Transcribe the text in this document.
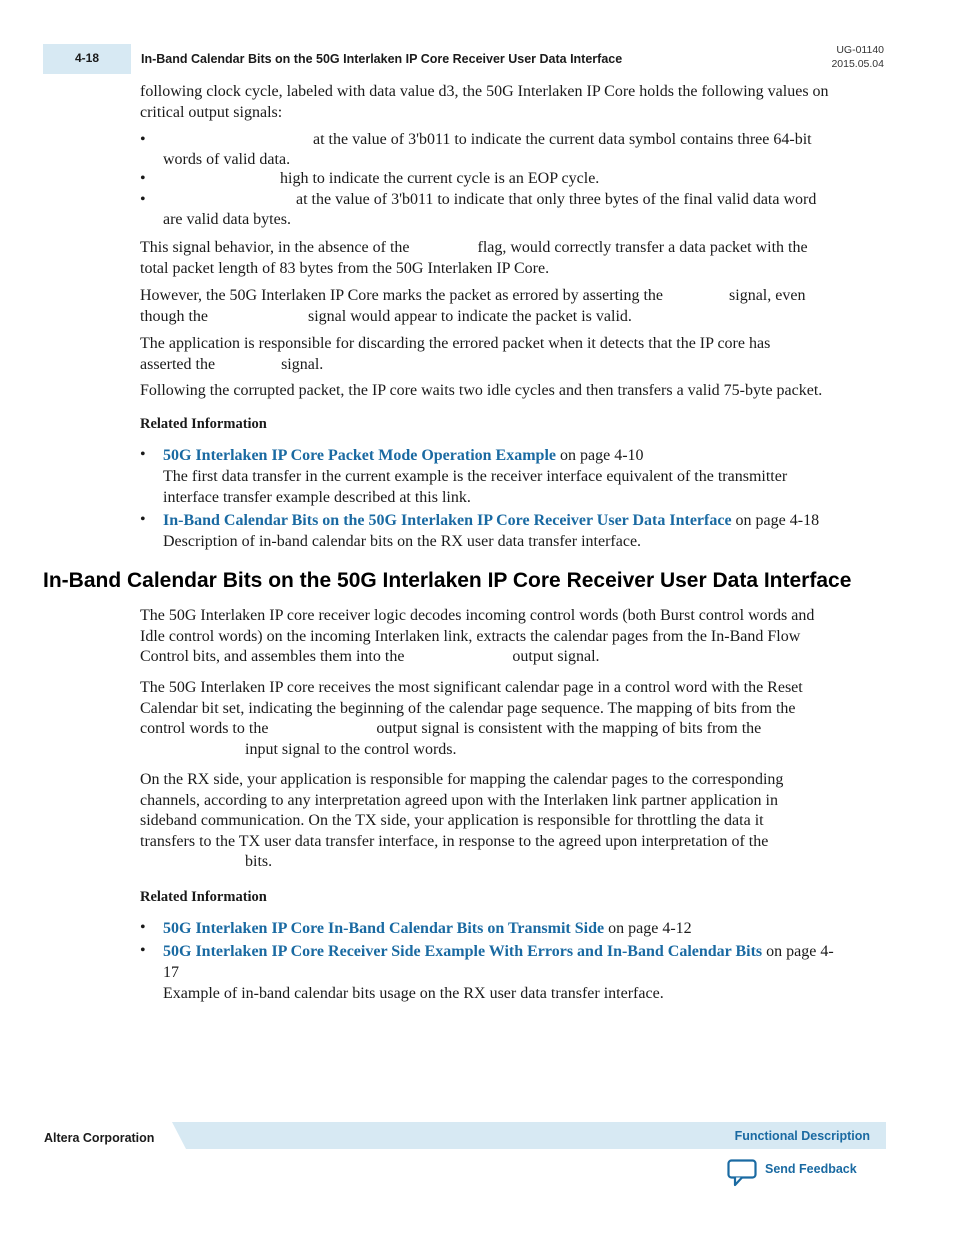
4-18	In-Band Calendar Bits on the 50G Interlaken IP Core Receiver User Data Interface
UG-01140
2015.05.04
following clock cycle, labeled with data value d3, the 50G Interlaken IP Core holds the following values on critical output signals:
•	at the value of 3'b011 to indicate the current data symbol contains three 64-bit
words of valid data.
•	high to indicate the current cycle is an EOP cycle.
•	at the value of 3'b011 to indicate that only three bytes of the final valid data word
are valid data bytes.
This signal behavior, in the absence of the	flag, would correctly transfer a data packet with the
total packet length of 83 bytes from the 50G Interlaken IP Core.
However, the 50G Interlaken IP Core marks the packet as errored by asserting the	signal, even
though the	signal would appear to indicate the packet is valid.
The application is responsible for discarding the errored packet when it detects that the IP core has
asserted the	signal.
Following the corrupted packet, the IP core waits two idle cycles and then transfers a valid 75-byte packet.
Related Information
• 50G Interlaken IP Core Packet Mode Operation Example on page 4-10
The first data transfer in the current example is the receiver interface equivalent of the transmitter
interface transfer example described at this link.
• In-Band Calendar Bits on the 50G Interlaken IP Core Receiver User Data Interface on page 4-18
Description of in-band calendar bits on the RX user data transfer interface.
In-Band Calendar Bits on the 50G Interlaken IP Core Receiver User Data Interface
The 50G Interlaken IP core receiver logic decodes incoming control words (both Burst control words and
Idle control words) on the incoming Interlaken link, extracts the calendar pages from the In-Band Flow
Control bits, and assembles them into the	output signal.
The 50G Interlaken IP core receives the most significant calendar page in a control word with the Reset
Calendar bit set, indicating the beginning of the calendar page sequence. The mapping of bits from the
control words to the	output signal is consistent with the mapping of bits from the
input signal to the control words.
On the RX side, your application is responsible for mapping the calendar pages to the corresponding
channels, according to any interpretation agreed upon with the Interlaken link partner application in
sideband communication. On the TX side, your application is responsible for throttling the data it
transfers to the TX user data transfer interface, in response to the agreed upon interpretation of the
bits.
Related Information
• 50G Interlaken IP Core In-Band Calendar Bits on Transmit Side on page 4-12
• 50G Interlaken IP Core Receiver Side Example With Errors and In-Band Calendar Bits on page 4-
17
Example of in-band calendar bits usage on the RX user data transfer interface.
Altera Corporation	Functional Description
Send Feedback
